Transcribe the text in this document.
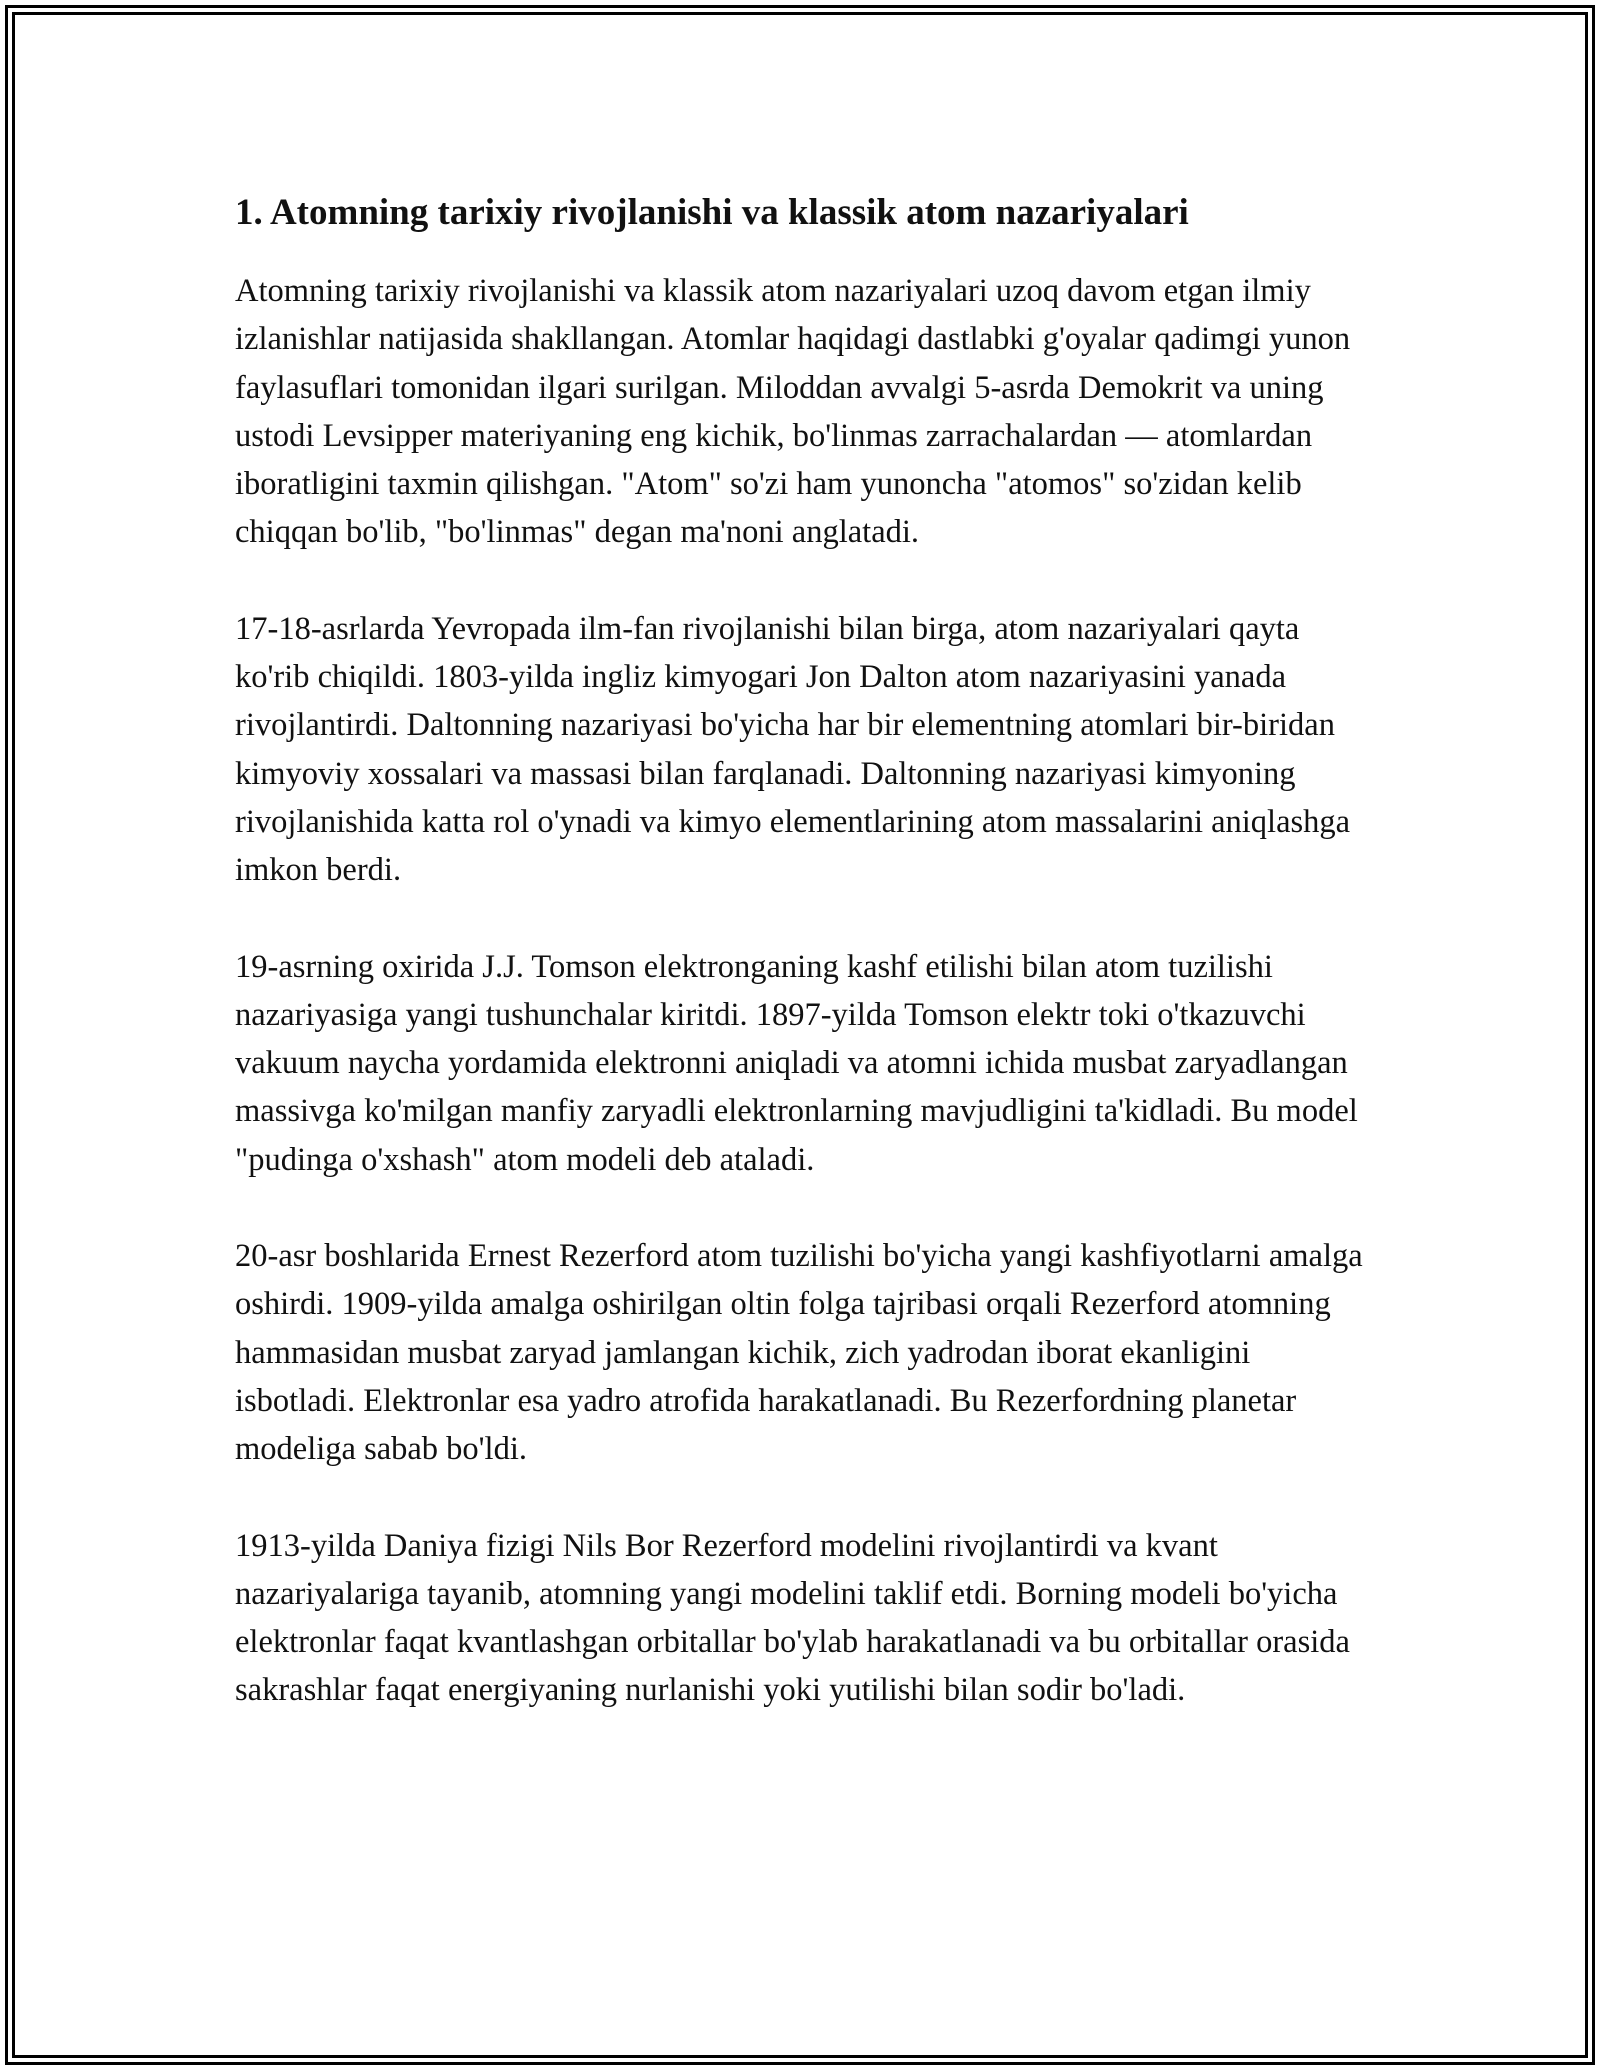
1. Atomning tarixiy rivojlanishi va klassik atom nazariyalari

Atomning tarixiy rivojlanishi va klassik atom nazariyalari uzoq davom etgan ilmiy izlanishlar natijasida shakllangan. Atomlar haqidagi dastlabki g'oyalar qadimgi yunon faylasuflari tomonidan ilgari surilgan. Miloddan avvalgi 5-asrda Demokrit va uning ustodi Levsipper materiyaning eng kichik, bo'linmas zarrachalardan — atomlardan iboratligini taxmin qilishgan. "Atom" so'zi ham yunoncha "atomos" so'zidan kelib chiqqan bo'lib, "bo'linmas" degan ma'noni anglatadi.

17-18-asrlarda Yevropada ilm-fan rivojlanishi bilan birga, atom nazariyalari qayta ko'rib chiqildi. 1803-yilda ingliz kimyogari Jon Dalton atom nazariyasini yanada rivojlantirdi. Daltonning nazariyasi bo'yicha har bir elementning atomlari bir-biridan kimyoviy xossalari va massasi bilan farqlanadi. Daltonning nazariyasi kimyoning rivojlanishida katta rol o'ynadi va kimyo elementlarining atom massalarini aniqlashga imkon berdi.

19-asrning oxirida J.J. Tomson elektronganing kashf etilishi bilan atom tuzilishi nazariyasiga yangi tushunchalar kiritdi. 1897-yilda Tomson elektr toki o'tkazuvchi vakuum naycha yordamida elektronni aniqladi va atomni ichida musbat zaryadlangan massivga ko'milgan manfiy zaryadli elektronlarning mavjudligini ta'kidladi. Bu model "pudinga o'xshash" atom modeli deb ataladi.

20-asr boshlarida Ernest Rezerford atom tuzilishi bo'yicha yangi kashfiyotlarni amalga oshirdi. 1909-yilda amalga oshirilgan oltin folga tajribasi orqali Rezerford atomning hammasidan musbat zaryad jamlangan kichik, zich yadrodan iborat ekanligini isbotladi. Elektronlar esa yadro atrofida harakatlanadi. Bu Rezerfordning planetar modeliga sabab bo'ldi.

1913-yilda Daniya fizigi Nils Bor Rezerford modelini rivojlantirdi va kvant nazariyalariga tayanib, atomning yangi modelini taklif etdi. Borning modeli bo'yicha elektronlar faqat kvantlashgan orbitallar bo'ylab harakatlanadi va bu orbitallar orasida sakrashlar faqat energiyaning nurlanishi yoki yutilishi bilan sodir bo'ladi.
